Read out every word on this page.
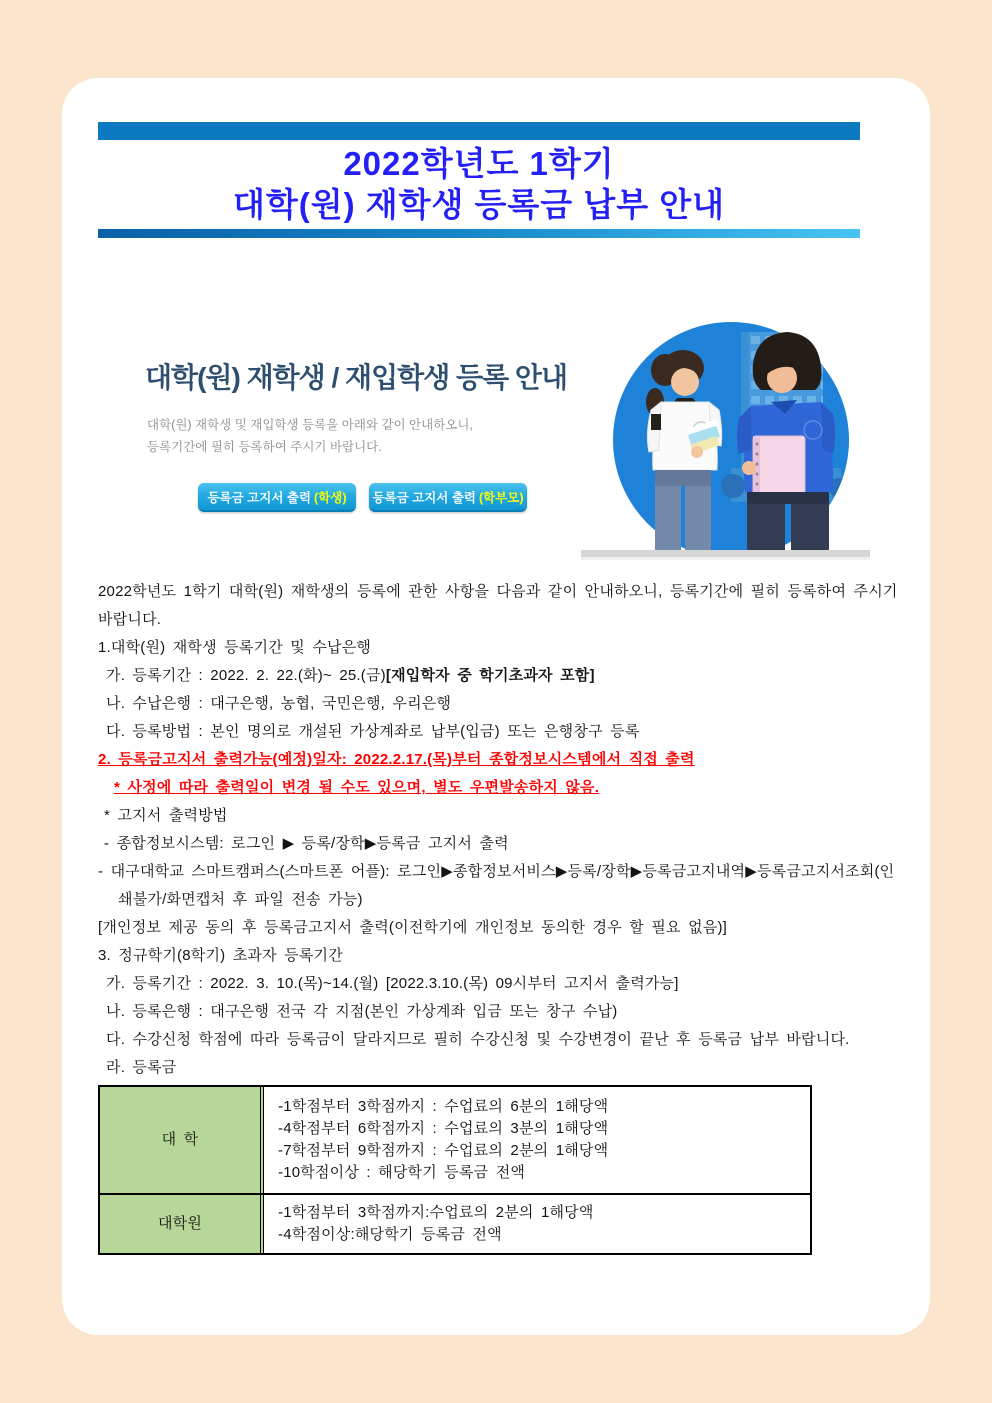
2022학년도 1학기
대학(원) 재학생 등록금 납부 안내
대학(원) 재학생 / 재입학생 등록 안내
대학(원) 재학생 및 재입학생 등록을 아래와 같이 안내하오니,
등록기간에 필히 등록하여 주시기 바랍니다.
등록금 고지서 출력 (학생) 등록금 고지서 출력 (학부모)

2022학년도 1학기 대학(원) 재학생의 등록에 관한 사항을 다음과 같이 안내하오니, 등록기간에 필히 등록하여 주시기 바랍니다.

1.대학(원) 재학생 등록기간 및 수납은행

가. 등록기간 : 2022. 2. 22.(화)~ 25.(금)[재입학자 중 학기초과자 포함]

나. 수납은행 : 대구은행, 농협, 국민은행, 우리은행

다. 등록방법 : 본인 명의로 개설된 가상계좌로 납부(입금) 또는 은행창구 등록

2. 등록금고지서 출력가능(예정)일자: 2022.2.17.(목)부터 종합정보시스템에서 직접 출력

* 사정에 따라 출력일이 변경 될 수도 있으며, 별도 우편발송하지 않음.

* 고지서 출력방법

- 종합정보시스템: 로그인 ▶ 등록/장학▶등록금 고지서 출력

- 대구대학교 스마트캠퍼스(스마트폰 어플): 로그인▶종합정보서비스▶등록/장학▶등록금고지내역▶등록금고지서조회(인쇄불가/화면캡처 후 파일 전송 가능)

[개인정보 제공 동의 후 등록금고지서 출력(이전학기에 개인정보 동의한 경우 할 필요 없음)]

3. 정규학기(8학기) 초과자 등록기간

가. 등록기간 : 2022. 3. 10.(목)~14.(월) [2022.3.10.(목) 09시부터 고지서 출력가능]

나. 등록은행 : 대구은행 전국 각 지점(본인 가상계좌 입금 또는 창구 수납)

다. 수강신청 학점에 따라 등록금이 달라지므로 필히 수강신청 및 수강변경이 끝난 후 등록금 납부 바랍니다.

라. 등록금

대 학
-1학점부터 3학점까지 : 수업료의 6분의 1해당액
-4학점부터 6학점까지 : 수업료의 3분의 1해당액
-7학점부터 9학점까지 : 수업료의 2분의 1해당액
-10학점이상 : 해당학기 등록금 전액
대학원
-1학점부터 3학점까지:수업료의 2분의 1해당액
-4학점이상:해당학기 등록금 전액
